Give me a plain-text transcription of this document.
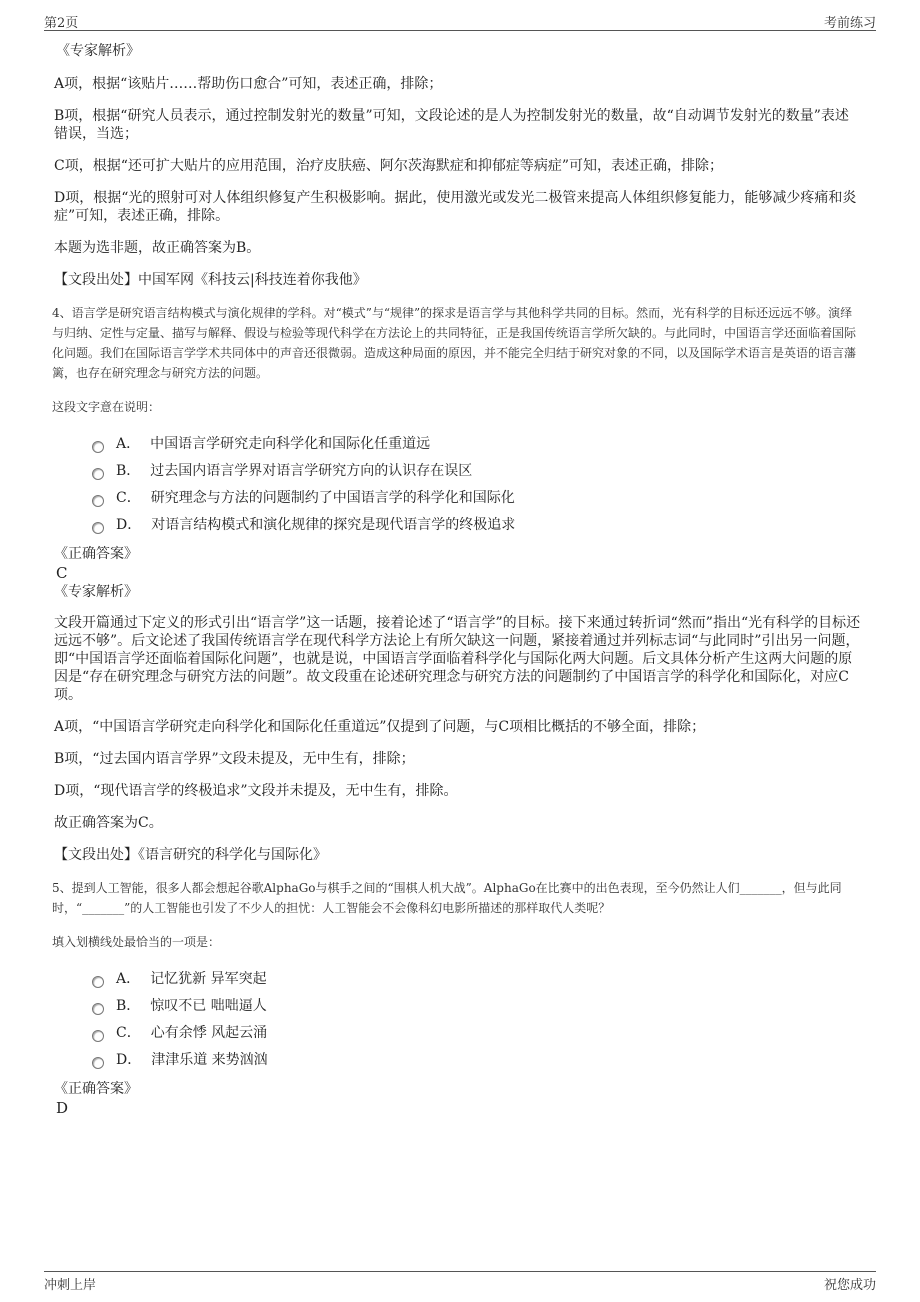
第2页	考前练习

《专家解析》

A项，根据“该贴片……帮助伤口愈合”可知，表述正确，排除；

B项，根据“研究人员表示，通过控制发射光的数量”可知，文段论述的是人为控制发射光的数量，故“自动调节发射光的数量”表述错误，当选；

C项，根据“还可扩大贴片的应用范围，治疗皮肤癌、阿尔茨海默症和抑郁症等病症”可知，表述正确，排除；

D项，根据“光的照射可对人体组织修复产生积极影响。据此，使用激光或发光二极管来提高人体组织修复能力，能够减少疼痛和炎症”可知，表述正确，排除。

本题为选非题，故正确答案为B。

【文段出处】中国军网《科技云|科技连着你我他》

4、语言学是研究语言结构模式与演化规律的学科。对“模式”与“规律”的探求是语言学与其他科学共同的目标。然而，光有科学的目标还远远不够。演绎与归纳、定性与定量、描写与解释、假设与检验等现代科学在方法论上的共同特征，正是我国传统语言学所欠缺的。与此同时，中国语言学还面临着国际化问题。我们在国际语言学学术共同体中的声音还很微弱。造成这种局面的原因，并不能完全归结于研究对象的不同，以及国际学术语言是英语的语言藩篱，也存在研究理念与研究方法的问题。

这段文字意在说明：

A． 中国语言学研究走向科学化和国际化任重道远
B． 过去国内语言学界对语言学研究方向的认识存在误区
C． 研究理念与方法的问题制约了中国语言学的科学化和国际化
D． 对语言结构模式和演化规律的探究是现代语言学的终极追求

《正确答案》

C

《专家解析》

文段开篇通过下定义的形式引出“语言学”这一话题，接着论述了“语言学”的目标。接下来通过转折词“然而”指出“光有科学的目标还远远不够”。后文论述了我国传统语言学在现代科学方法论上有所欠缺这一问题，紧接着通过并列标志词“与此同时”引出另一问题，即“中国语言学还面临着国际化问题”，也就是说，中国语言学面临着科学化与国际化两大问题。后文具体分析产生这两大问题的原因是“存在研究理念与研究方法的问题”。故文段重在论述研究理念与研究方法的问题制约了中国语言学的科学化和国际化，对应C项。

A项，“中国语言学研究走向科学化和国际化任重道远”仅提到了问题，与C项相比概括的不够全面，排除；

B项，“过去国内语言学界”文段未提及，无中生有，排除；

D项，“现代语言学的终极追求”文段并未提及，无中生有，排除。

故正确答案为C。

【文段出处】《语言研究的科学化与国际化》

5、提到人工智能，很多人都会想起谷歌AlphaGo与棋手之间的“围棋人机大战”。AlphaGo在比赛中的出色表现，至今仍然让人们_______，但与此同时，“_______”的人工智能也引发了不少人的担忧：人工智能会不会像科幻电影所描述的那样取代人类呢？

填入划横线处最恰当的一项是：

A． 记忆犹新 异军突起
B． 惊叹不已 咄咄逼人
C． 心有余悸 风起云涌
D． 津津乐道 来势汹汹

《正确答案》

D

冲刺上岸	祝您成功
